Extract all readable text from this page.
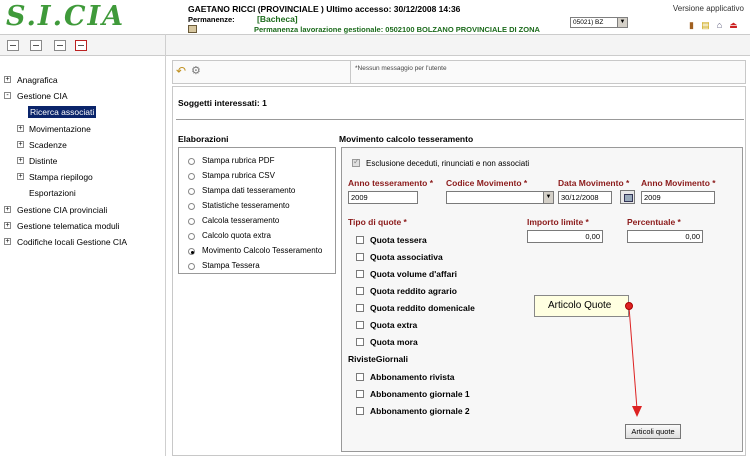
S.I.CIA	GAETANO RICCI (PROVINCIALE ) Ultimo accesso: 30/12/2008 14:36
Permanenze:	[Bacheca]
Permanenza lavorazione gestionale: 0502100 BOLZANO PROVINCIALE DI ZONA
05021) BZ	▼
Versione applicativo
▮ ▤ ⌂ ⏏
+ Anagrafica
- Gestione CIA
Ricerca associati
+ Movimentazione
+ Scadenze
+ Distinte
+ Stampa riepilogo
Esportazioni
+ Gestione CIA provinciali
+ Gestione telematica moduli
+ Codifiche locali Gestione CIA
↶ ⚙	*Nessun messaggio per l'utente
Soggetti interessati: 1
Elaborazioni
Stampa rubrica PDF
Stampa rubrica CSV
Stampa dati tesseramento
Statistiche tesseramento
Calcola tesseramento
Calcolo quota extra
Movimento Calcolo Tesseramento
Stampa Tessera
Movimento calcolo tesseramento
✓
Esclusione deceduti, rinunciati e non associati
Anno tesseramento *
2009
Codice Movimento *
▼
Data Movimento *
30/12/2008
Anno Movimento *
2009
Tipo di quote *	Importo limite *
0,00
Percentuale *
0,00
Quota tessera
Quota associativa
Quota volume d'affari
Quota reddito agrario
Quota reddito domenicale
Quota extra
Quota mora
RivisteGiornali
Abbonamento rivista
Abbonamento giornale 1
Abbonamento giornale 2
Articolo Quote
Articoli quote
